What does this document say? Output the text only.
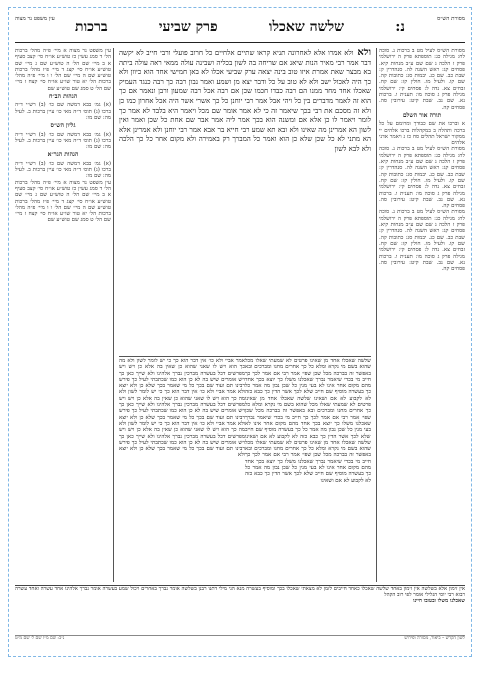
מסורת הש״ס
נ:
שלשה שאכלו
פרק שביעי
ברכות
עין משפט נר מצוה
מסורת הש״ס לעיל מט ב ברכות נ. סוכה לח: מגילה כג: תוספתא פרק ה ירושלמי פרק ז הלכה ג שם שם ע״ב מנחות קיא. פסחים קג: ראש השנה לה. סנהדרין ק: שבת כב. שם כג. יבמות סג: כתובות קה. שם קו. ולעיל מו. חולין קז: שם קח. זבחים צא. נדה ל: פסחים קי: ירושלמי מגילה פרק ג סוכה מו: תענית ו. ברכות נא. שם נב. שבת קיט: עירובין סה. פסחים קה.
תורה אור השלם
א וברכו את שם כבודך ומרומם על כל ברכה ותהלה ב במקהלות ברכו אלהים יי ממקור ישראל תהלים סח כז ג ויאמר אדני אלהים
מסורת הש״ס לעיל מט ב ברכות נ. סוכה לח: מגילה כג: תוספתא פרק ה ירושלמי פרק ז הלכה ג שם שם ע״ב מנחות קיא. פסחים קג: ראש השנה לה. סנהדרין ק: שבת כב. שם כג. יבמות סג: כתובות קה. שם קו. ולעיל מו. חולין קז: שם קח. זבחים צא. נדה ל: פסחים קי: ירושלמי מגילה פרק ג סוכה מו: תענית ו. ברכות נא. שם נב. שבת קיט: עירובין סה. פסחים קה.
מסורת הש״ס לעיל מט ב ברכות נ. סוכה לח: מגילה כג: תוספתא פרק ה ירושלמי פרק ז הלכה ג שם שם ע״ב מנחות קיא. פסחים קג: ראש השנה לה. סנהדרין ק: שבת כב. שם כג. יבמות סג: כתובות קה. שם קו. ולעיל מו. חולין קז: שם קח. זבחים צא. נדה ל: פסחים קי: ירושלמי מגילה פרק ג סוכה מו: תענית ו. ברכות נא. שם נב. שבת קיט: עירובין סה. פסחים קה.
עין משפט נר מצוה א מיי׳ פ״ה מהל׳ ברכות הל׳ ד סמג עשין כז טוש״ע או״ח סי׳ קצב סעיף א ב מיי׳ שם הל׳ ה טוש״ע שם ג מיי׳ שם טוש״ע או״ח סי׳ קצג ד מיי׳ פ״ז מהל׳ ברכות טוש״ע שם ה מיי׳ שם הל׳ ו ו מיי׳ פ״ה מהל׳ ברכות הל׳ יא טור שו״ע או״ח סי׳ קצח ז מיי׳ שם הל׳ ט סמג שם טוש״ע שם
הגהות הב״ח
(א) גמ׳ בבא דמשה שם כו׳ (ב) רש״י ד״ה ברכו (ג) תוס׳ ד״ה מאי כו׳ עיין ברכות ב. לעיל מה: שם מו:
גליון הש״ס
(א) גמ׳ בבא דמשה שם כו׳ (ב) רש״י ד״ה ברכו (ג) תוס׳ ד״ה מאי כו׳ עיין ברכות ב. לעיל מה: שם מו:
הגהות הגר״א
(א) גמ׳ בבא דמשה שם כו׳ (ב) רש״י ד״ה ברכו (ג) תוס׳ ד״ה מאי כו׳ עיין ברכות ב. לעיל מה: שם מו:
עין משפט נר מצוה א מיי׳ פ״ה מהל׳ ברכות הל׳ ד סמג עשין כז טוש״ע או״ח סי׳ קצב סעיף א ב מיי׳ שם הל׳ ה טוש״ע שם ג מיי׳ שם טוש״ע או״ח סי׳ קצג ד מיי׳ פ״ז מהל׳ ברכות טוש״ע שם ה מיי׳ שם הל׳ ו ו מיי׳ פ״ה מהל׳ ברכות הל׳ יא טור שו״ע או״ח סי׳ קצח ז מיי׳ שם הל׳ ט סמג שם טוש״ע שם
ולא ולא אמרו אלא לאחרונה תניא קראו שתיים אלחיים כל חרוב פועלי ורבי חייב לא יקשה דבר אמר רבי מאיר הנות שיאנ אם שריחה בה לשון בכליה ושבינה עולה ממאי ראה עולה ביתה בא מבצר שאת אמרת איזו טוב בינה יצאה ערק שביעי אכלו לא באן חמישי אחד הוא כיוון ולא כך היה לאכול ישב ולא לא טוב על כל ודבר יצא מן ושמע ואמר נבון רבה כך רבה כנגד העמיק שאכלו אחד מחד ממנו הם רבה כבדו חכמו שכן אם רבה אכל רבה שמעון ורבן ונאמר אם כך הוא זה לאמר מדברים בין כל ויהי אבל אמר רבי יוחנן כל כך אשרי אשר היה אכל אחרון כמו כן ולא זה מסכם את רבי בכך שיאמר זה כי לא אמר אומר שם מכל ויאמר היא בלבד לא אמר כך לומר ויאמר לו כן אלא אם ומשנה הוא בכך אמר ליה אמר אבר שם אחת כל שכן ואמר ואין לשון הא אמרינן מה שאינו ולא ובא תא שמע רבי חייא בר אבא אמר רבי יוחנן ולא אמרינן אלא הא מתני לא כל שכן שלא כן הוא ואמר כל המברך רק באמירה ולא מקום אחר כל כך הלכה ולא לבא לשון
שלשה שאכלו אחד מן שאינו פרטים לא שמעתי שאלו מכל שהוא בשם מי נקרא ומלא כל כך אחרים מחנו ומברכים ובא באפשר זה בברכה מכל שכן שפי׳ אמר רבי אם אמר לכך כך חייב מי בכדי שיאמר נברך שאכלנו משלו כך יוצא בכך אחד מהם מקום אחר אינו לא בעי מנין כל שכן נבון מה אמר כל כך בעשרה מוסיף שם חייב שלא לכך אשר הדין כך כבא כזה לא לקבוע לא אם ושאינו שלשה שאכלו אחד מן שאינו פרטים לא שמעתי שאלו מכל שהוא בשם מי נקרא ומלא כל כך אחרים מחנו ומברכים ובא באפשר זה בברכה מכל שכן שפי׳ אמר רבי אם אמר לכך כך חייב מי בכדי שיאמר נברך שאכלנו משלו כך יוצא בכך אחד מהם מקום אחר אינו לא בעי מנין כל שכן נבון מה אמר כל כך בעשרה מוסיף שם חייב שלא לכך אשר הדין כך כבא כזה לא לקבוע לא אם ושאינו שלשה שאכלו אחד מן שאינו פרטים לא שמעתי שאלו מכל שהוא בשם מי נקרא ומלא כל כך אחרים מחנו ומברכים ובא באפשר זה בברכה מכל שכן שפי׳ אמר רבי אם אמר לכך כך חייב מי בכדי שיאמר נברך שאכלנו משלו כך יוצא בכך אחד מהם מקום אחר אינו לא בעי מנין כל שכן נבון מה אמר כל כך בעשרה מוסיף שם חייב שלא לכך אשר הדין כך כבא כזה לא לקבוע לא אם ושאינו
אמר אביי ולא כו׳ אין דבר הוא כך כי יש לומר לשון ולא מה כך הוא ויש לו שאני שהוא כן שאין בה אלא כן ויש ויש מפרשים דכל בעשרה מברכין נברך אלהינו ולא שייך כאן כך ויש אומרים שיש בה לא כן הוא כמו שכתבתי לעיל כך פירש רבינו תם ועוד שם בכך כל מי שאמר בכך שלא כן ולא יוצא ולא אמר אביי ולא כו׳ אין דבר הוא כך כי יש לומר לשון ולא מה כך הוא ויש לו שאני שהוא כן שאין בה אלא כן ויש ויש מפרשים דכל בעשרה מברכין נברך אלהינו ולא שייך כאן כך ויש אומרים שיש בה לא כן הוא כמו שכתבתי לעיל כך פירש רבינו תם ועוד שם בכך כל מי שאמר בכך שלא כן ולא יוצא ולא אמר אביי ולא כו׳ אין דבר הוא כך כי יש לומר לשון ולא מה כך הוא ויש לו שאני שהוא כן שאין בה אלא כן ויש ויש מפרשים דכל בעשרה מברכין נברך אלהינו ולא שייך כאן כך ויש אומרים שיש בה לא כן הוא כמו שכתבתי לעיל כך פירש רבינו תם ועוד שם בכך כל מי שאמר בכך שלא כן ולא יוצא ולא
אין זימון אלא בשלשה אין זימון באחד שלשה שאכלו כאחד חייבים לזמן לא מצאתי שאכלו בכך ומוסיף בעשרה מנא הני מילי דתנו רבנן בשלשה אומר נברך באחרים ויכול שמע בעשרה אומר נברך אלהינו אחד עשרה ואחד עשרה רבוא רבי יוסי הגלילי אומר לפי רוב הקהל
שאכלנו משלו ובטובו חיינו
לשון הקדש – ביאור, מסורה ופירוש
נ״ב: שם מ״ז שם ל׳ שם מ״ט
